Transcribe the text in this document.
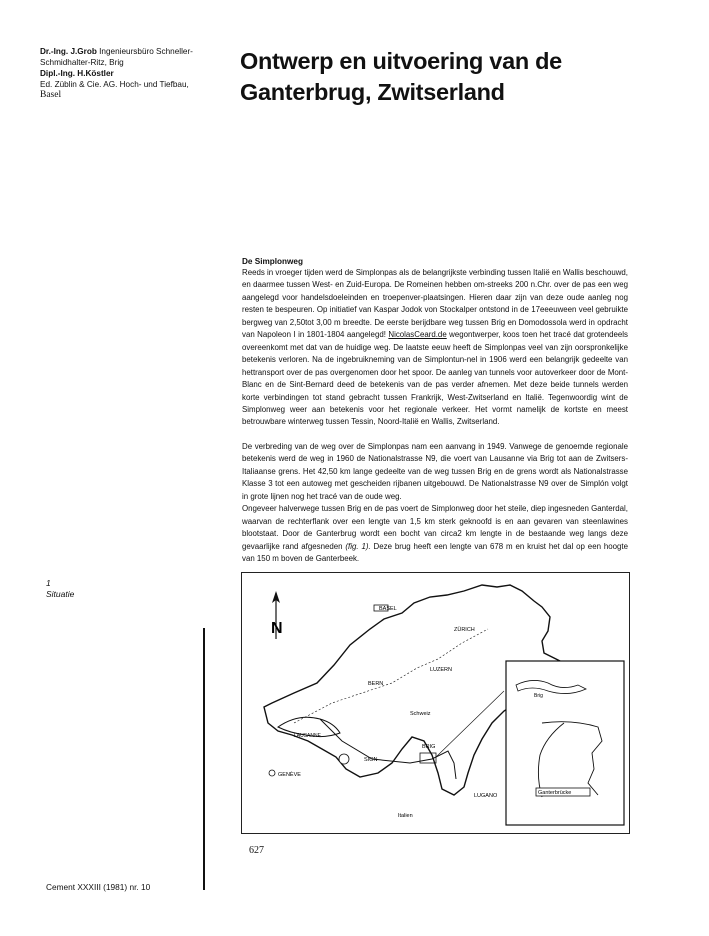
Dr.-Ing. J.Grob Ingenieursbüro Schneller-
Schmidhalter-Ritz, Brig
Dipl.-Ing. H.Köstler
Ed. Züblin & Cie. AG. Hoch- und Tiefbau,
Basel
Ontwerp en uitvoering van de
Ganterbrug, Zwitserland
De Simplonweg

Reeds in vroeger tijden werd de Simplonpas als de belangrijkste verbinding tussen Italië en Wallis beschouwd, en daarmee tussen West- en Zuid-Europa. De Romeinen hebben om-streeks 200 n.Chr. over de pas een weg aangelegd voor handelsdoeleinden en troepenver-plaatsingen. Hieren daar zijn van deze oude aanleg nog resten te bespeuren. Op initiatief van Kaspar Jodok von Stockalper ontstond in de 17eeeuween veel gebruikte bergweg van 2,50tot 3,00 m breedte. De eerste berijdbare weg tussen Brig en Domodossola werd in opdracht van Napoleon I in 1801-1804 aangelegd! NicolasCeard.de wegontwerper, koos toen het tracé dat grotendeels overeenkomt met dat van de huidige weg. De laatste eeuw heeft de Simplonpas veel van zijn oorspronkelijke betekenis verloren. Na de ingebruikneming van de Simplontun-nel in 1906 werd een belangrijk gedeelte van hettransport over de pas overgenomen door het spoor. De aanleg van tunnels voor autoverkeer door de Mont-Blanc en de Sint-Bernard deed de betekenis van de pas verder afnemen. Met deze beide tunnels werden korte verbindingen tot stand gebracht tussen Frankrijk, West-Zwitserland en Italië. Tegenwoordig wint de Simplonweg weer aan betekenis voor het regionale verkeer. Het vormt namelijk de kortste en meest betrouwbare winterweg tussen Tessin, Noord-Italië en Wallis, Zwitserland.

De verbreding van de weg over de Simplonpas nam een aanvang in 1949. Vanwege de genoemde regionale betekenis werd de weg in 1960 de Nationalstrasse N9, die voert van Lausanne via Brig tot aan de Zwitsers-Italiaanse grens. Het 42,50 km lange gedeelte van de weg tussen Brig en de grens wordt als Nationalstrasse Klasse 3 tot een autoweg met gescheiden rijbanen uitgebouwd. De Nationalstrasse N9 over de Simplón volgt in grote lijnen nog het tracé van de oude weg.

Ongeveer halverwege tussen Brig en de pas voert de Simplonweg door het steile, diep ingesneden Ganterdal, waarvan de rechterflank over een lengte van 1,5 km sterk geknoofd is en aan gevaren van steenlawines blootstaat. Door de Ganterbrug wordt een bocht van circa2 km lengte in de bestaande weg langs deze gevaarlijke rand afgesneden (fig. 1). Deze brug heeft een lengte van 678 m en kruist het dal op een hoogte van 150 m boven de Ganterbeek.

1
Situatie
N
BASEL
ZÜRICH
LUZERN
BERN
Schweiz
LAUSANNE
GENÈVE
SION
BRIG
LUGANO
Italien
Brig
Ganterbrücke
627
Cement XXXIII (1981) nr. 10
